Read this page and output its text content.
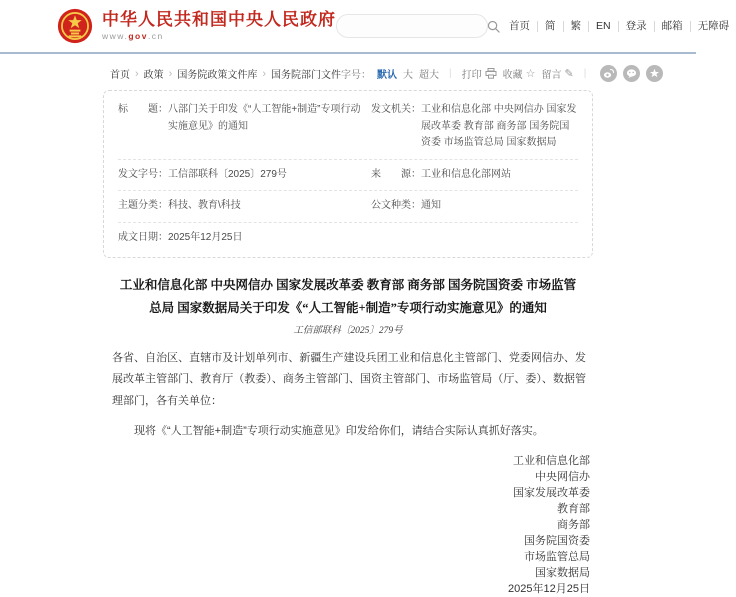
中华人民共和国中央人民政府
www.gov.cn
首页	简	繁	EN	登录	邮箱	无障碍
首页 › 政策 › 国务院政策文件库 › 国务院部门文件 字号： 默认 大 超大 | 打印 收藏 ☆ 留言 ✎ |
标　　题： 八部门关于印发《“人工智能+制造”专项行动实施意见》的通知
发文机关： 工业和信息化部 中央网信办 国家发展改革委 教育部 商务部 国务院国资委 市场监管总局 国家数据局
发文字号： 工信部联科〔2025〕279号	来　　源： 工业和信息化部网站
主题分类： 科技、教育\科技	公文种类： 通知
成文日期： 2025年12月25日
工业和信息化部 中央网信办 国家发展改革委 教育部 商务部 国务院国资委 市场监管总局 国家数据局关于印发《“人工智能+制造”专项行动实施意见》的通知
工信部联科〔2025〕279号

各省、自治区、直辖市及计划单列市、新疆生产建设兵团工业和信息化主管部门、党委网信办、发展改革主管部门、教育厅（教委）、商务主管部门、国资主管部门、市场监管局（厅、委）、数据管理部门，各有关单位：

现将《“人工智能+制造”专项行动实施意见》印发给你们，请结合实际认真抓好落实。

工业和信息化部
中央网信办
国家发展改革委
教育部
商务部
国务院国资委
市场监管总局
国家数据局
2025年12月25日
